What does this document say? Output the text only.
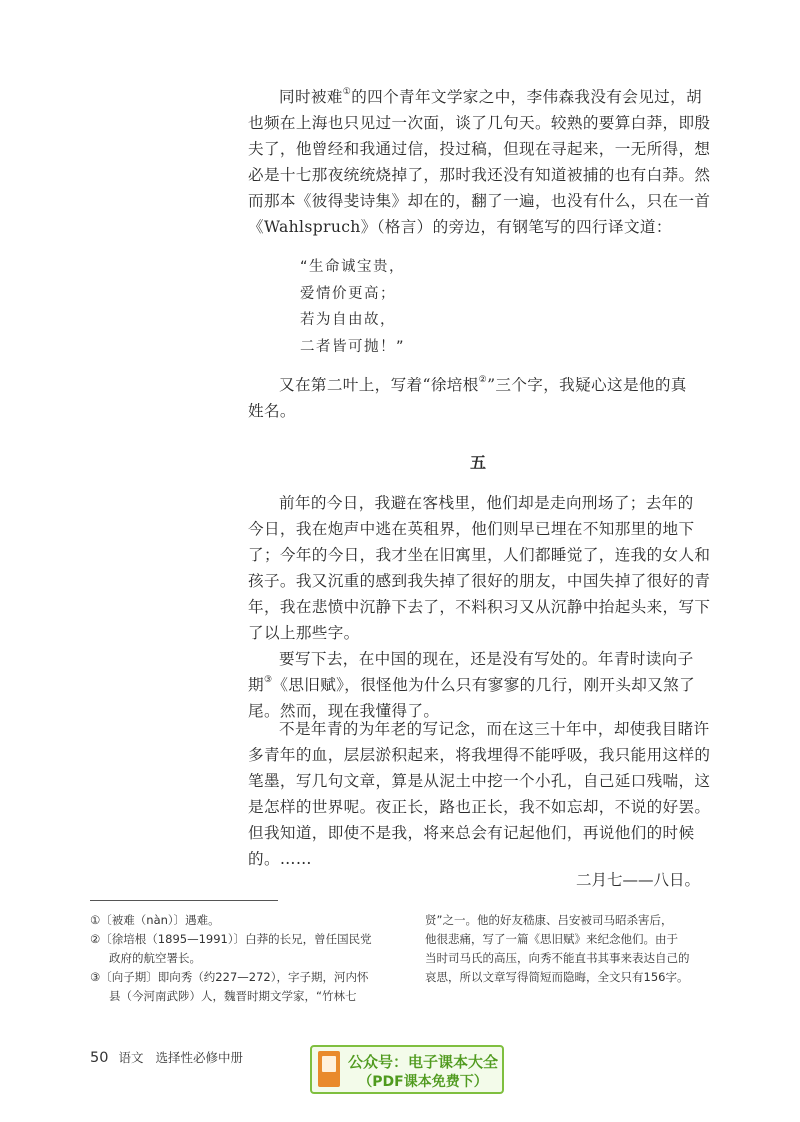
同时被难①的四个青年文学家之中，李伟森我没有会见过，胡
也频在上海也只见过一次面，谈了几句天。较熟的要算白莽，即殷
夫了，他曾经和我通过信，投过稿，但现在寻起来，一无所得，想
必是十七那夜统统烧掉了，那时我还没有知道被捕的也有白莽。然
而那本《彼得斐诗集》却在的，翻了一遍，也没有什么，只在一首
《Wahlspruch》（格言）的旁边，有钢笔写的四行译文道：
“生命诚宝贵，
爱情价更高；
若为自由故，
二者皆可抛！”
又在第二叶上，写着“徐培根②”三个字，我疑心这是他的真
姓名。
五
前年的今日，我避在客栈里，他们却是走向刑场了；去年的
今日，我在炮声中逃在英租界，他们则早已埋在不知那里的地下
了；今年的今日，我才坐在旧寓里，人们都睡觉了，连我的女人和
孩子。我又沉重的感到我失掉了很好的朋友，中国失掉了很好的青
年，我在悲愤中沉静下去了，不料积习又从沉静中抬起头来，写下
了以上那些字。
要写下去，在中国的现在，还是没有写处的。年青时读向子
期③《思旧赋》，很怪他为什么只有寥寥的几行，刚开头却又煞了
尾。然而，现在我懂得了。
不是年青的为年老的写记念，而在这三十年中，却使我目睹许
多青年的血，层层淤积起来，将我埋得不能呼吸，我只能用这样的
笔墨，写几句文章，算是从泥土中挖一个小孔，自己延口残喘，这
是怎样的世界呢。夜正长，路也正长，我不如忘却，不说的好罢。
但我知道，即使不是我，将来总会有记起他们，再说他们的时候
的。……
二月七——八日。
①〔被难（nàn）〕遇难。
②〔徐培根（1895—1991）〕白莽的长兄，曾任国民党
政府的航空署长。
③〔向子期〕即向秀（约227—272），字子期，河内怀
县（今河南武陟）人，魏晋时期文学家，“竹林七
贤”之一。他的好友嵇康、吕安被司马昭杀害后，
他很悲痛，写了一篇《思旧赋》来纪念他们。由于
当时司马氏的高压，向秀不能直书其事来表达自己的
哀思，所以文章写得简短而隐晦，全文只有156字。
50 语文 选择性必修中册	公众号：电子课本大全
（PDF课本免费下）
